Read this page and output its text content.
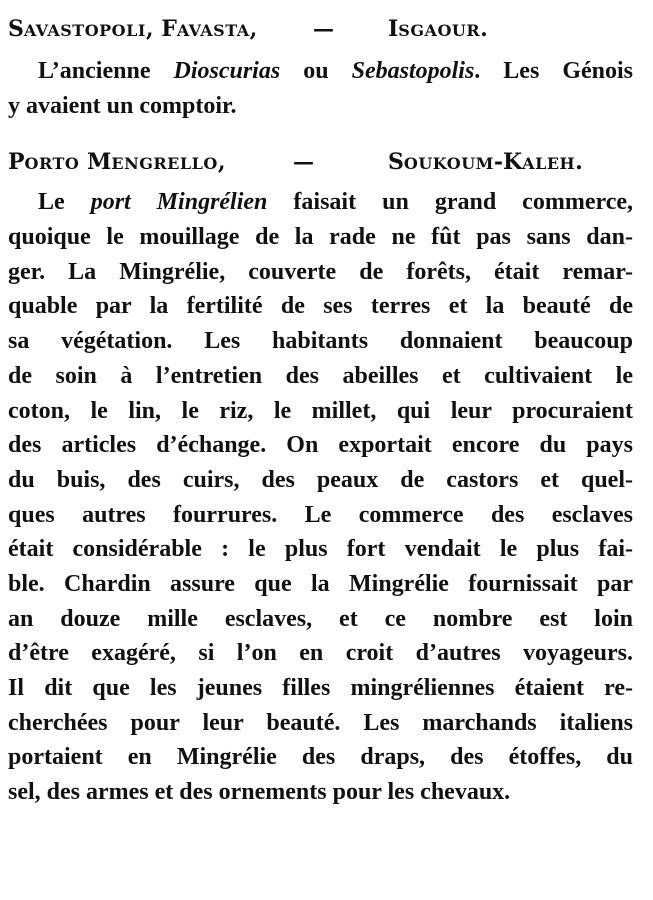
SAVASTOPOLI, FAVASTA,	—	ISGAOUR.
L’ancienne Dioscurias ou Sebastopolis. Les Génois
y avaient un comptoir.
PORTO MENGRELLO,	—	SOUKOUM-KALEH.
Le port Mingrélien faisait un grand commerce,
quoique le mouillage de la rade ne fût pas sans dan-
ger. La Mingrélie, couverte de forêts, était remar-
quable par la fertilité de ses terres et la beauté de
sa végétation. Les habitants donnaient beaucoup
de soin à l’entretien des abeilles et cultivaient le
coton, le lin, le riz, le millet, qui leur procuraient
des articles d’échange. On exportait encore du pays
du buis, des cuirs, des peaux de castors et quel-
ques autres fourrures. Le commerce des esclaves
était considérable : le plus fort vendait le plus fai-
ble. Chardin assure que la Mingrélie fournissait par
an douze mille esclaves, et ce nombre est loin
d’être exagéré, si l’on en croit d’autres voyageurs.
Il dit que les jeunes filles mingréliennes étaient re-
cherchées pour leur beauté. Les marchands italiens
portaient en Mingrélie des draps, des étoffes, du
sel, des armes et des ornements pour les chevaux.
